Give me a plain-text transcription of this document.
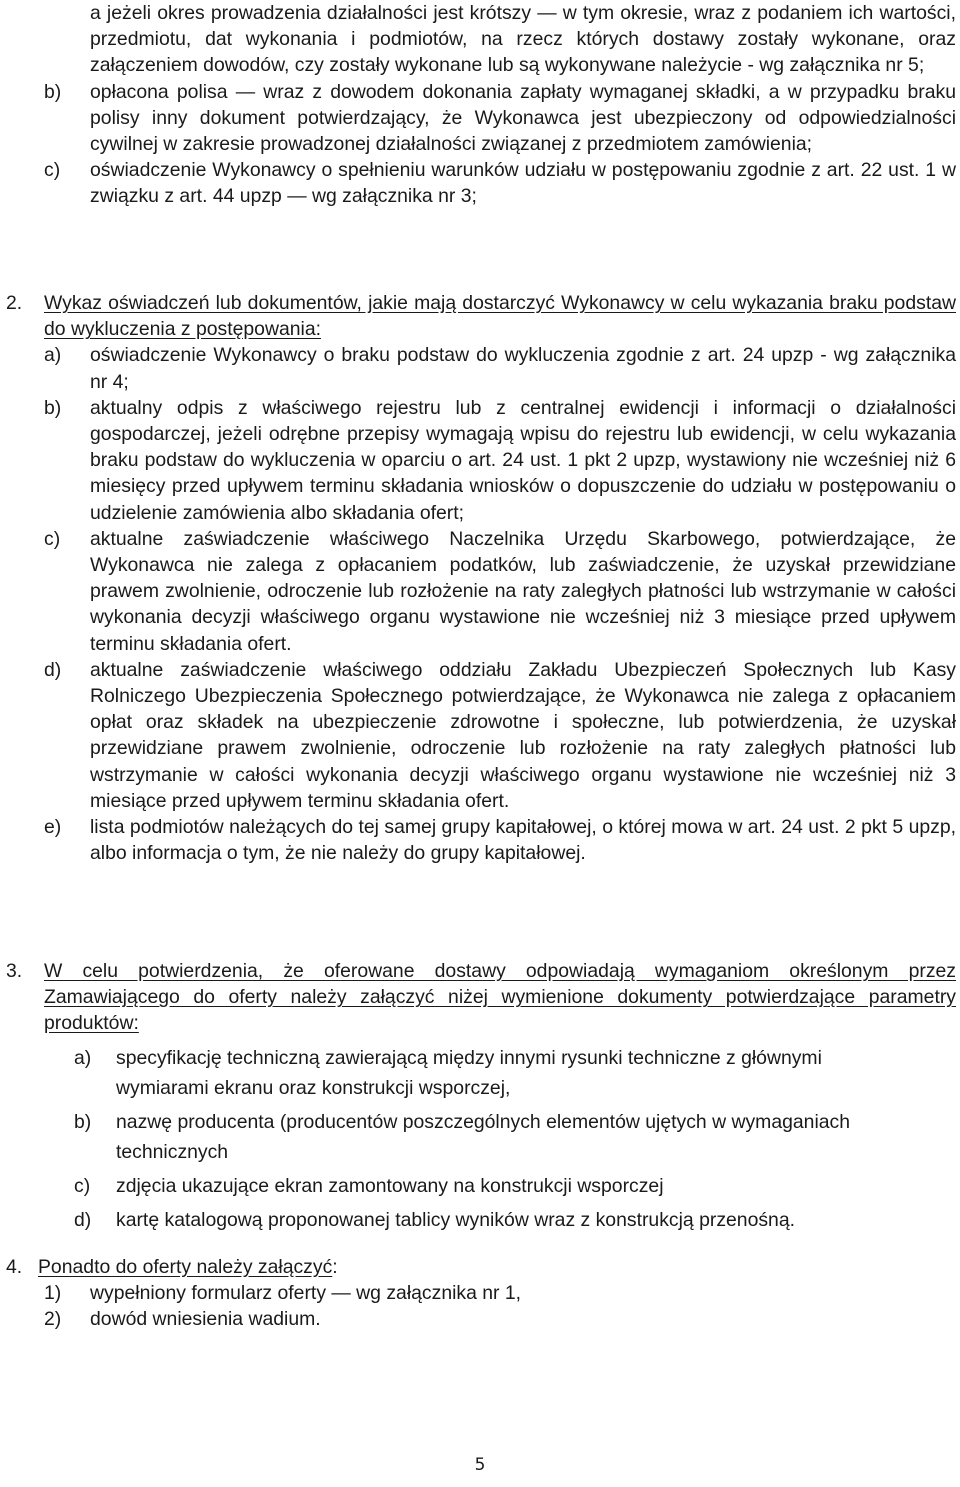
a jeżeli okres prowadzenia działalności jest krótszy — w tym okresie, wraz z podaniem ich wartości, przedmiotu, dat wykonania i podmiotów, na rzecz których dostawy zostały wykonane, oraz załączeniem dowodów, czy zostały wykonane lub są wykonywane należycie - wg załącznika nr 5;
b) opłacona polisa — wraz z dowodem dokonania zapłaty wymaganej składki, a w przypadku braku polisy inny dokument potwierdzający, że Wykonawca jest ubezpieczony od odpowiedzialności cywilnej w zakresie prowadzonej działalności związanej z przedmiotem zamówienia;
c) oświadczenie Wykonawcy o spełnieniu warunków udziału w postępowaniu zgodnie z art. 22 ust. 1 w związku z art. 44 upzp — wg załącznika nr 3;
2. Wykaz oświadczeń lub dokumentów, jakie mają dostarczyć Wykonawcy w celu wykazania braku podstaw do wykluczenia z postępowania:
a) oświadczenie Wykonawcy o braku podstaw do wykluczenia zgodnie z art. 24 upzp - wg załącznika nr 4;
b) aktualny odpis z właściwego rejestru lub z centralnej ewidencji i informacji o działalności gospodarczej, jeżeli odrębne przepisy wymagają wpisu do rejestru lub ewidencji, w celu wykazania braku podstaw do wykluczenia w oparciu o art. 24 ust. 1 pkt 2 upzp, wystawiony nie wcześniej niż 6 miesięcy przed upływem terminu składania wniosków o dopuszczenie do udziału w postępowaniu o udzielenie zamówienia albo składania ofert;
c) aktualne zaświadczenie właściwego Naczelnika Urzędu Skarbowego, potwierdzające, że Wykonawca nie zalega z opłacaniem podatków, lub zaświadczenie, że uzyskał przewidziane prawem zwolnienie, odroczenie lub rozłożenie na raty zaległych płatności lub wstrzymanie w całości wykonania decyzji właściwego organu wystawione nie wcześniej niż 3 miesiące przed upływem terminu składania ofert.
d) aktualne zaświadczenie właściwego oddziału Zakładu Ubezpieczeń Społecznych lub Kasy Rolniczego Ubezpieczenia Społecznego potwierdzające, że Wykonawca nie zalega z opłacaniem opłat oraz składek na ubezpieczenie zdrowotne i społeczne, lub potwierdzenia, że uzyskał przewidziane prawem zwolnienie, odroczenie lub rozłożenie na raty zaległych płatności lub wstrzymanie w całości wykonania decyzji właściwego organu wystawione nie wcześniej niż 3 miesiące przed upływem terminu składania ofert.
e) lista podmiotów należących do tej samej grupy kapitałowej, o której mowa w art. 24 ust. 2 pkt 5 upzp, albo informacja o tym, że nie należy do grupy kapitałowej.
3. W celu potwierdzenia, że oferowane dostawy odpowiadają wymaganiom określonym przez Zamawiającego do oferty należy załączyć niżej wymienione dokumenty potwierdzające parametry produktów:
a) specyfikację techniczną zawierającą między innymi rysunki techniczne z głównymi wymiarami ekranu oraz konstrukcji wsporczej,
b) nazwę producenta (producentów poszczególnych elementów ujętych w wymaganiach technicznych
c) zdjęcia ukazujące ekran zamontowany na konstrukcji wsporczej
d) kartę katalogową proponowanej tablicy wyników wraz z konstrukcją przenośną.
4. Ponadto do oferty należy załączyć:
1) wypełniony formularz oferty — wg załącznika nr 1,
2) dowód wniesienia wadium.
5
